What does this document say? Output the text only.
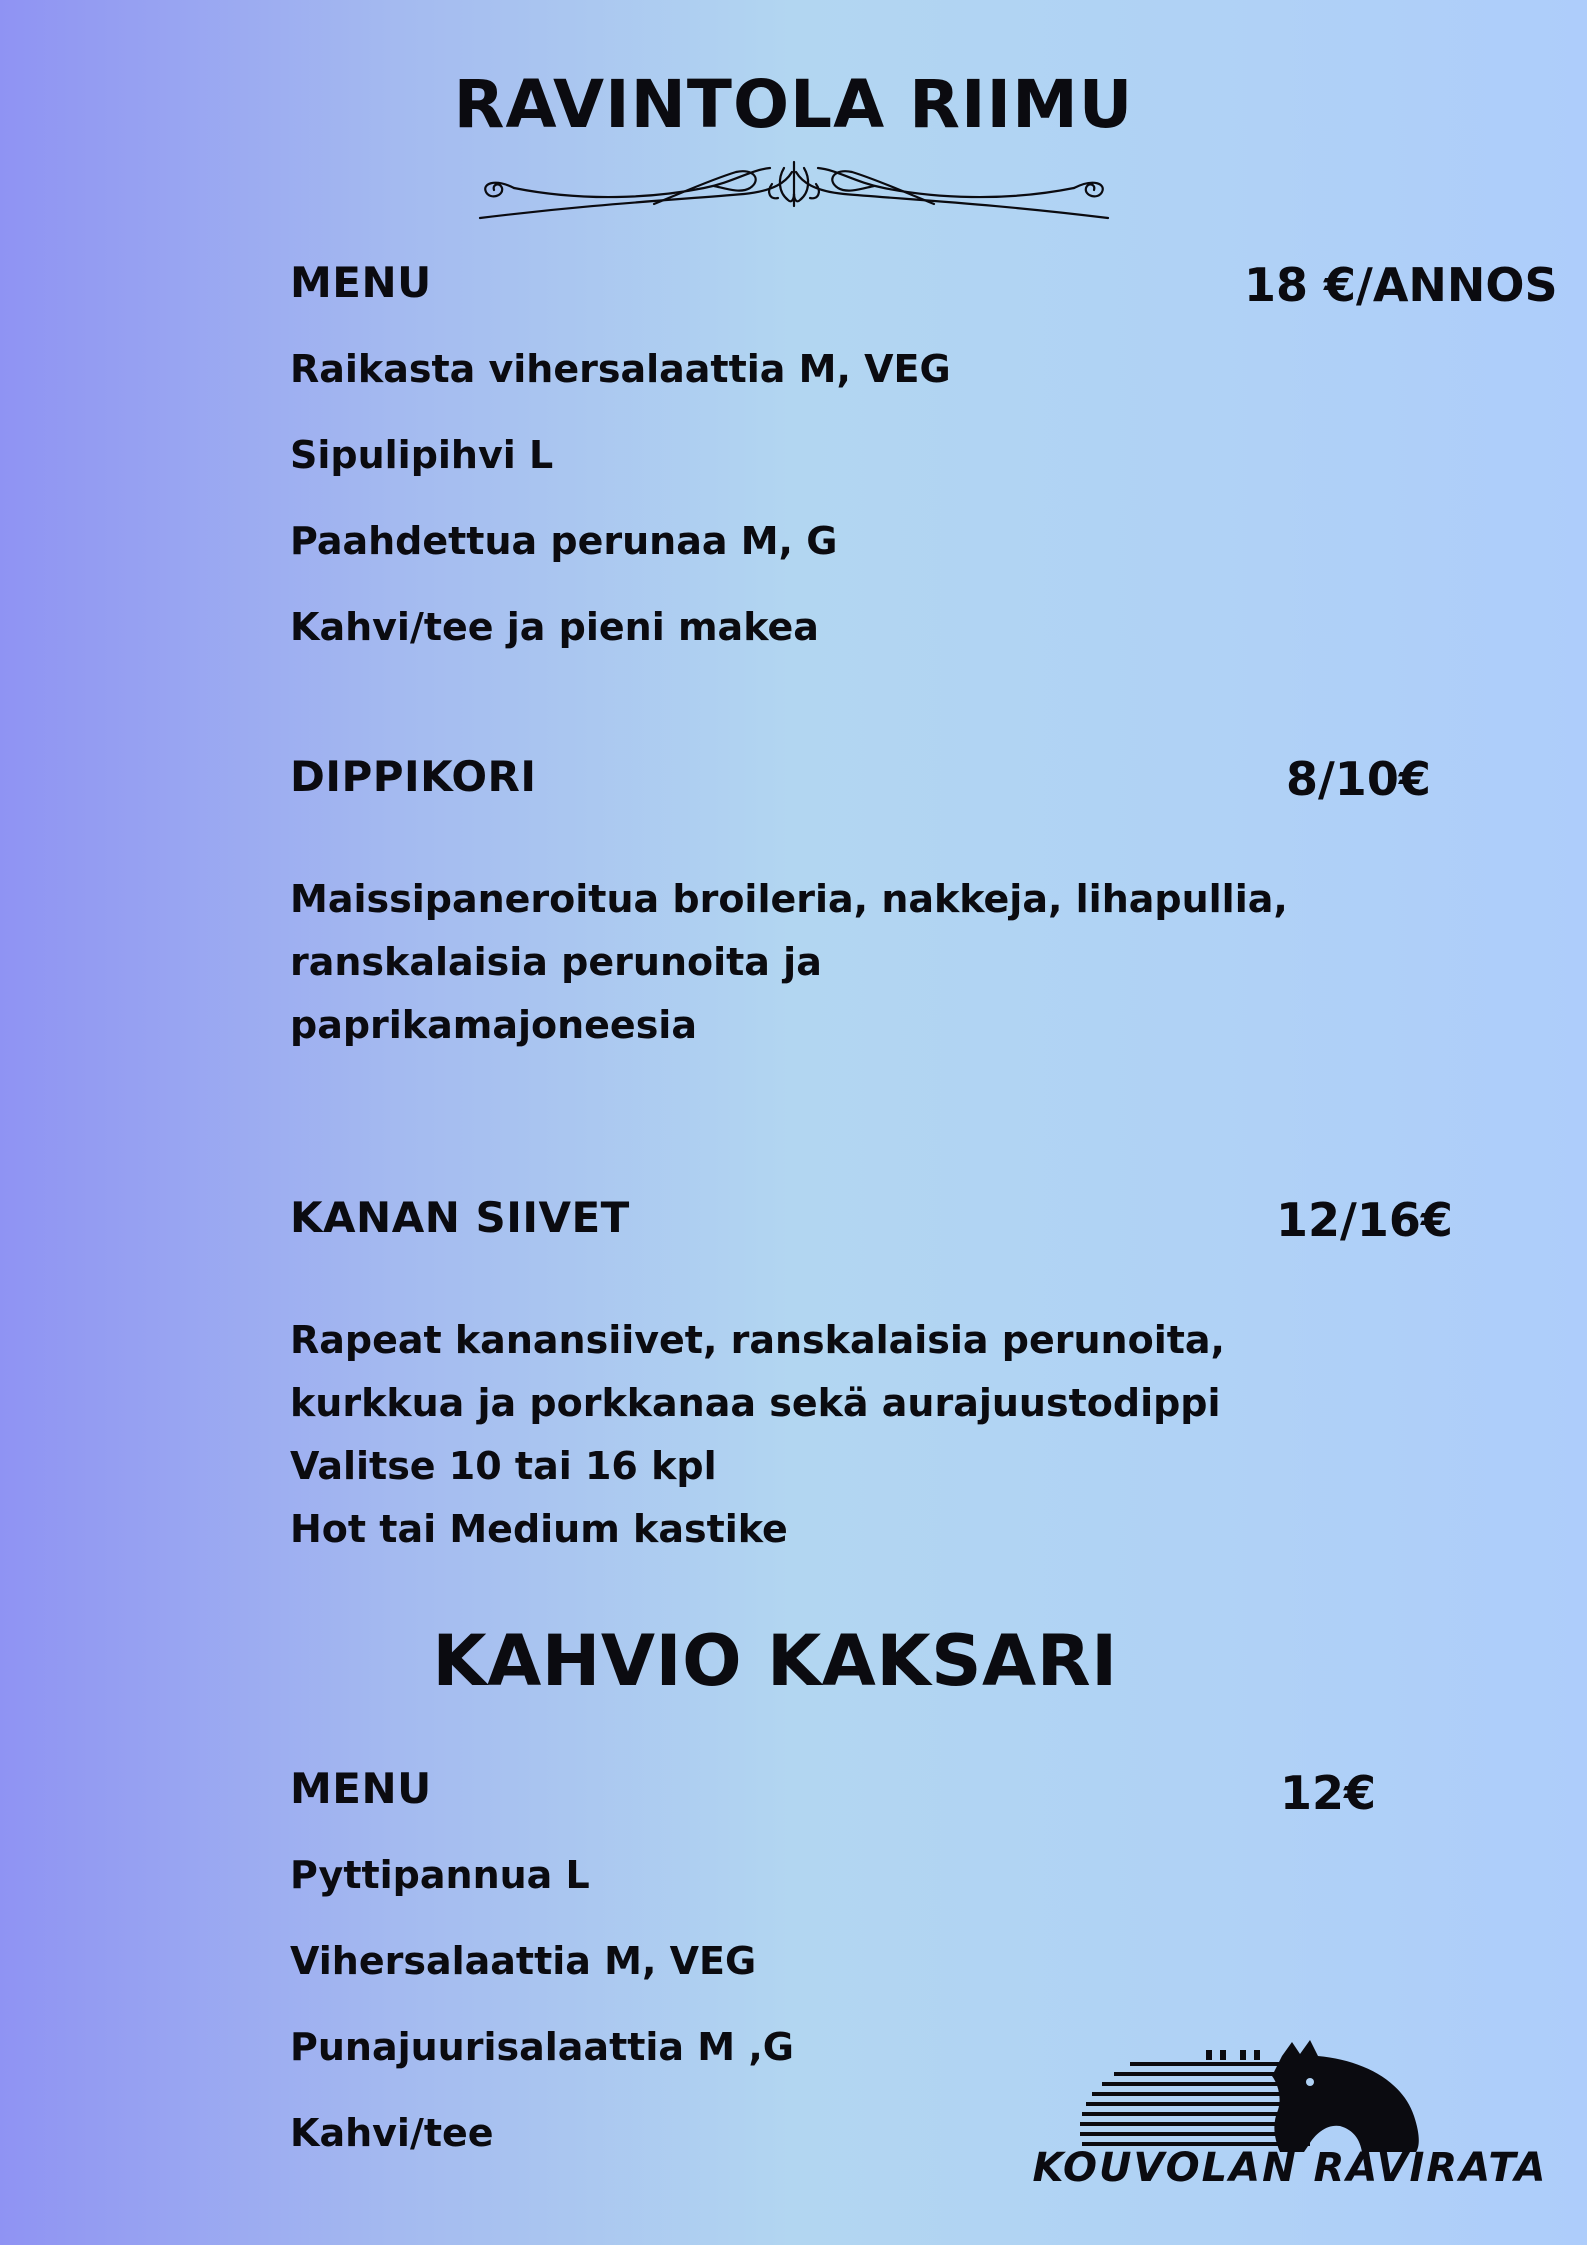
RAVINTOLA RIIMU
MENU	18 €/ANNOS
Raikasta vihersalaattia M, VEG
Sipulipihvi L
Paahdettua perunaa M, G
Kahvi/tee ja pieni makea
DIPPIKORI	8/10€
Maissipaneroitua broileria, nakkeja, lihapullia,
ranskalaisia perunoita ja
paprikamajoneesia
KANAN SIIVET	12/16€
Rapeat kanansiivet, ranskalaisia perunoita,
kurkkua ja porkkanaa sekä aurajuustodippi
Valitse 10 tai 16 kpl
Hot tai Medium kastike
KAHVIO KAKSARI
MENU	12€
Pyttipannua L
Vihersalaattia M, VEG
Punajuurisalaattia M ,G
Kahvi/tee
KOUVOLAN RAVIRATA
